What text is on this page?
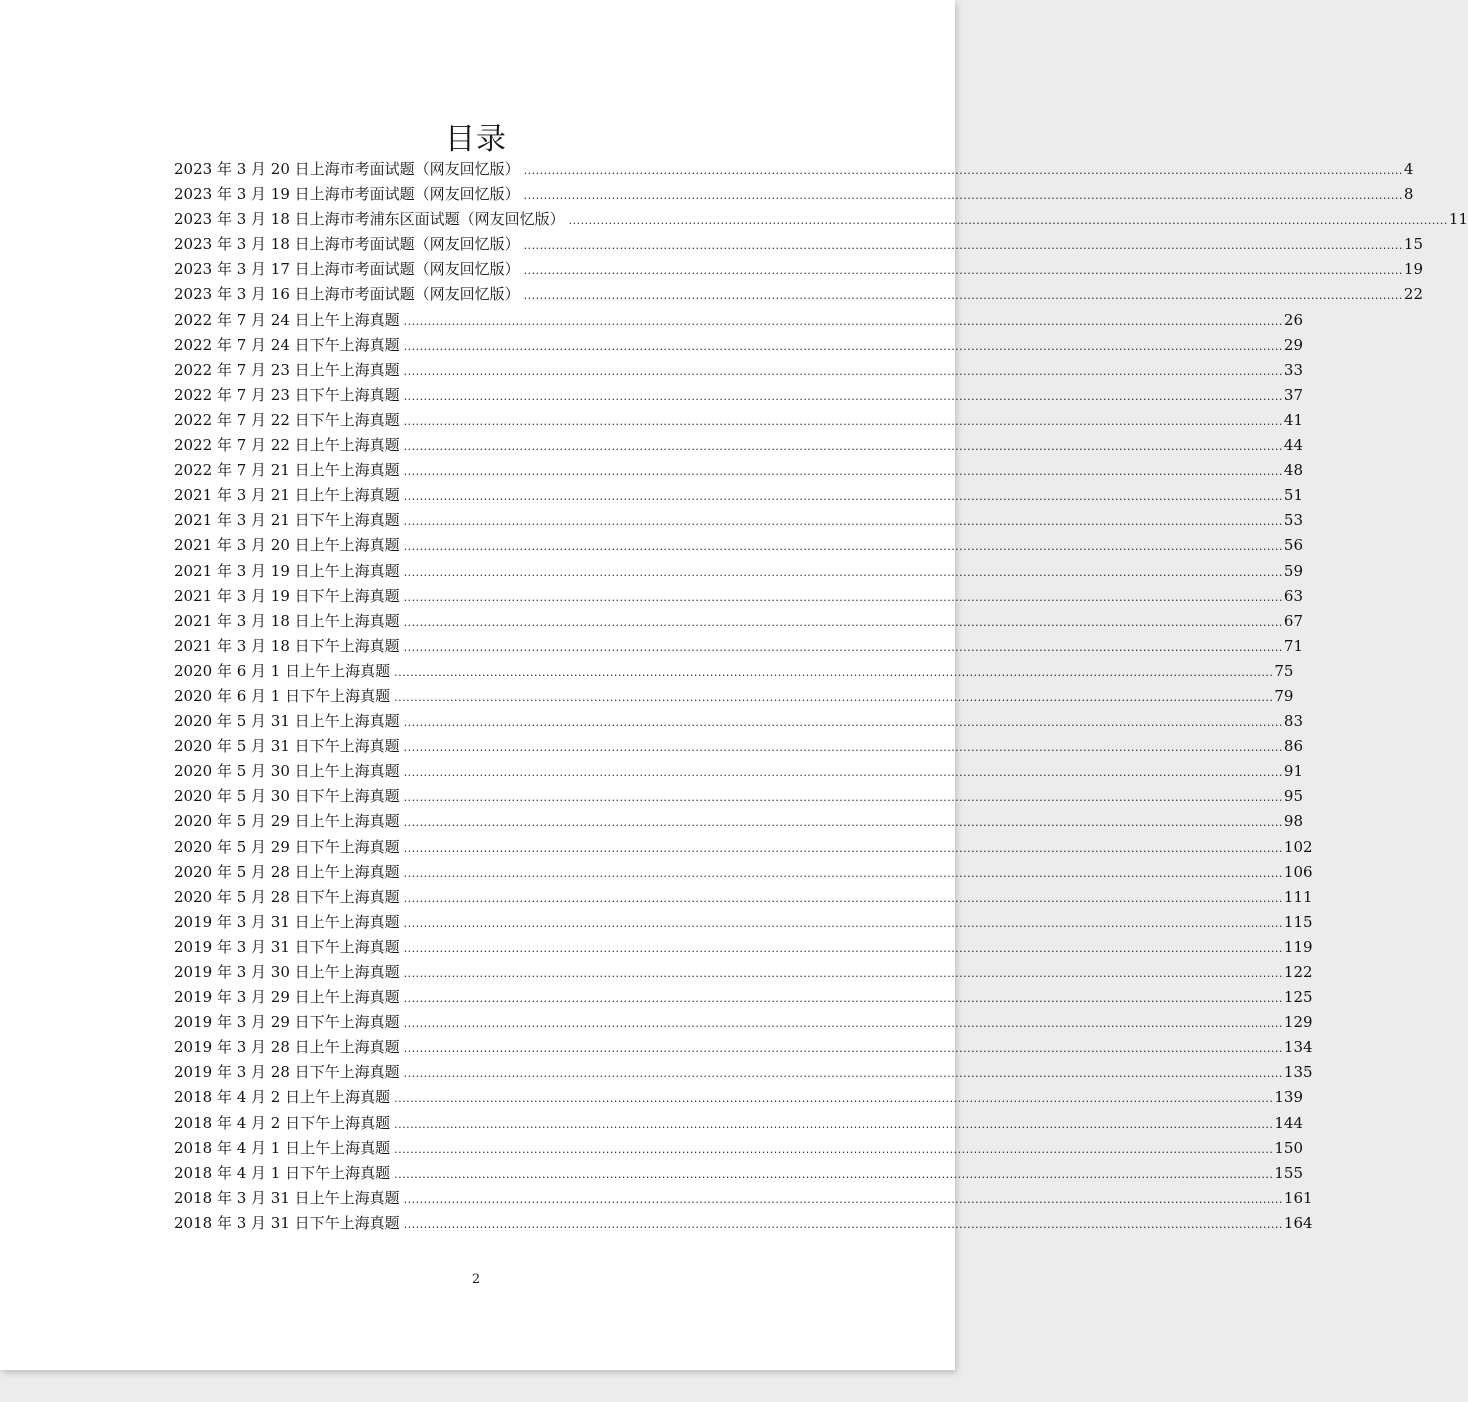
目录
2023 年 3 月 20 日上海市考面试题（网友回忆版） ............................................................................................................................................................................................................................ 4
2023 年 3 月 19 日上海市考面试题（网友回忆版） ............................................................................................................................................................................................................................ 8
2023 年 3 月 18 日上海市考浦东区面试题（网友回忆版） ............................................................................................................................................................................................................................ 11
2023 年 3 月 18 日上海市考面试题（网友回忆版） ............................................................................................................................................................................................................................ 15
2023 年 3 月 17 日上海市考面试题（网友回忆版） ............................................................................................................................................................................................................................ 19
2023 年 3 月 16 日上海市考面试题（网友回忆版） ............................................................................................................................................................................................................................ 22
2022 年 7 月 24 日上午上海真题 ............................................................................................................................................................................................................................ 26
2022 年 7 月 24 日下午上海真题 ............................................................................................................................................................................................................................ 29
2022 年 7 月 23 日上午上海真题 ............................................................................................................................................................................................................................ 33
2022 年 7 月 23 日下午上海真题 ............................................................................................................................................................................................................................ 37
2022 年 7 月 22 日下午上海真题 ............................................................................................................................................................................................................................ 41
2022 年 7 月 22 日上午上海真题 ............................................................................................................................................................................................................................ 44
2022 年 7 月 21 日上午上海真题 ............................................................................................................................................................................................................................ 48
2021 年 3 月 21 日上午上海真题 ............................................................................................................................................................................................................................ 51
2021 年 3 月 21 日下午上海真题 ............................................................................................................................................................................................................................ 53
2021 年 3 月 20 日上午上海真题 ............................................................................................................................................................................................................................ 56
2021 年 3 月 19 日上午上海真题 ............................................................................................................................................................................................................................ 59
2021 年 3 月 19 日下午上海真题 ............................................................................................................................................................................................................................ 63
2021 年 3 月 18 日上午上海真题 ............................................................................................................................................................................................................................ 67
2021 年 3 月 18 日下午上海真题 ............................................................................................................................................................................................................................ 71
2020 年 6 月 1 日上午上海真题 ............................................................................................................................................................................................................................ 75
2020 年 6 月 1 日下午上海真题 ............................................................................................................................................................................................................................ 79
2020 年 5 月 31 日上午上海真题 ............................................................................................................................................................................................................................ 83
2020 年 5 月 31 日下午上海真题 ............................................................................................................................................................................................................................ 86
2020 年 5 月 30 日上午上海真题 ............................................................................................................................................................................................................................ 91
2020 年 5 月 30 日下午上海真题 ............................................................................................................................................................................................................................ 95
2020 年 5 月 29 日上午上海真题 ............................................................................................................................................................................................................................ 98
2020 年 5 月 29 日下午上海真题 ............................................................................................................................................................................................................................ 102
2020 年 5 月 28 日上午上海真题 ............................................................................................................................................................................................................................ 106
2020 年 5 月 28 日下午上海真题 ............................................................................................................................................................................................................................ 111
2019 年 3 月 31 日上午上海真题 ............................................................................................................................................................................................................................ 115
2019 年 3 月 31 日下午上海真题 ............................................................................................................................................................................................................................ 119
2019 年 3 月 30 日上午上海真题 ............................................................................................................................................................................................................................ 122
2019 年 3 月 29 日上午上海真题 ............................................................................................................................................................................................................................ 125
2019 年 3 月 29 日下午上海真题 ............................................................................................................................................................................................................................ 129
2019 年 3 月 28 日上午上海真题 ............................................................................................................................................................................................................................ 134
2019 年 3 月 28 日下午上海真题 ............................................................................................................................................................................................................................ 135
2018 年 4 月 2 日上午上海真题 ............................................................................................................................................................................................................................ 139
2018 年 4 月 2 日下午上海真题 ............................................................................................................................................................................................................................ 144
2018 年 4 月 1 日上午上海真题 ............................................................................................................................................................................................................................ 150
2018 年 4 月 1 日下午上海真题 ............................................................................................................................................................................................................................ 155
2018 年 3 月 31 日上午上海真题 ............................................................................................................................................................................................................................ 161
2018 年 3 月 31 日下午上海真题 ............................................................................................................................................................................................................................ 164
2
